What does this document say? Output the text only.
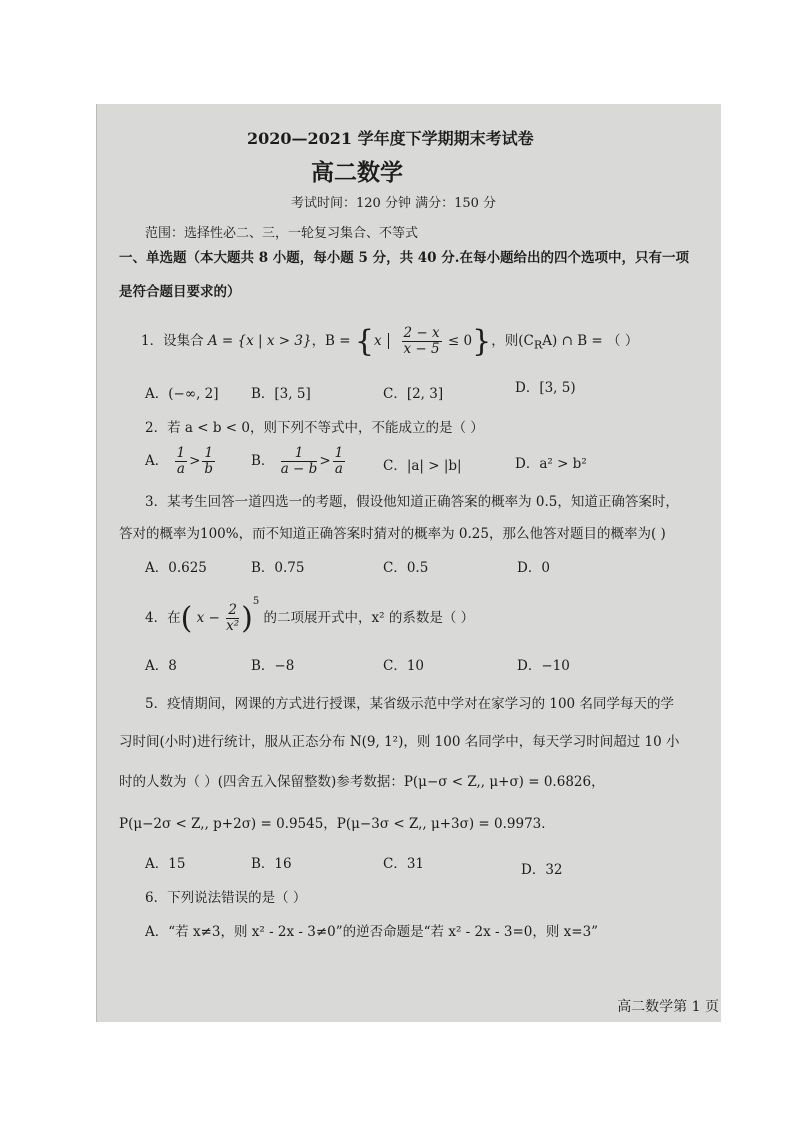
2020—2021 学年度下学期期末考试卷
高二数学
考试时间：120 分钟 满分：150 分
范围：选择性必二、三，一轮复习集合、不等式
一、单选题（本大题共 8 小题，每小题 5 分，共 40 分.在每小题给出的四个选项中，只有一项
是符合题目要求的）
1．设集合 A = {x | x > 3}，$B = \{x \frac{2 - x}{x - 5} \le 0\}$，则$(C_RA)$ ∩ B = （ ）
A．(−∞, 2] B．[3, 5]	C．[2, 3]	D．[3, 5)
2．若 a < b < 0，则下列不等式中，不能成立的是（ ）
A． $\frac{1}{a} > \frac{1}{b}$	B． $\frac{1}{a - b} > \frac{1}{a}$	C．|a| > |b|	D．a² > b²
3．某考生回答一道四选一的考题，假设他知道正确答案的概率为 0.5，知道正确答案时，
答对的概率为100%，而不知道正确答案时猜对的概率为 0.25，那么他答对题目的概率为( )
A．0.625	B．0.75	C．0.5	D．0
4．在( $x - \frac{2}{\text{x²}} )^5$ 的二项展开式中，x² 的系数是（ ）
A．8	B．−8	C．10	D．−10
5．疫情期间，网课的方式进行授课，某省级示范中学对在家学习的 100 名同学每天的学
习时间(小时)进行统计，服从正态分布 N(9, 1²)，则 100 名同学中，每天学习时间超过 10 小
时的人数为（ ）(四舍五入保留整数)参考数据：P(μ−σ < Z,, μ+σ) = 0.6826，
P(μ−2σ < Z,, p+2σ) = 0.9545，P(μ−3σ < Z,, μ+3σ) = 0.9973．
A．15	B．16	C．31	D．32
6．下列说法错误的是（ ）
A．“若 x≠3，则 x² - 2x - 3≠0”的逆否命题是“若 x² - 2x - 3=0，则 x=3”
高二数学第 1 页
